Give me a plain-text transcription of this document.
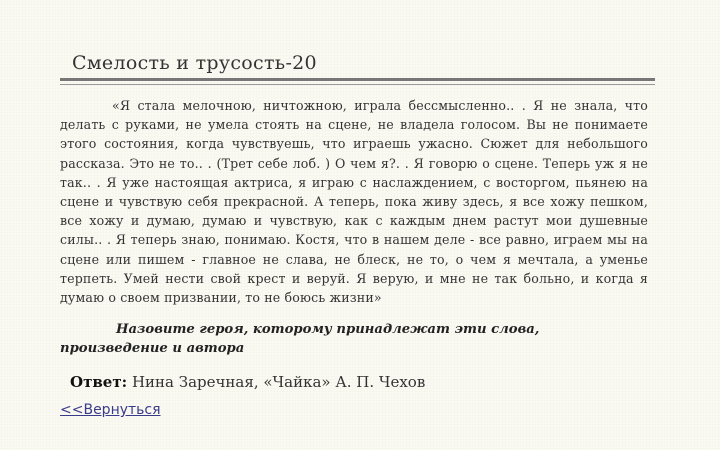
Смелость и трусость-20

«Я стала мелочною, ничтожною, играла бессмысленно.. . Я не знала, что делать с руками, не умела стоять на сцене, не владела голосом. Вы не понимаете этого состояния, когда чувствуешь, что играешь ужасно. Сюжет для небольшого рассказа. Это не то.. . (Трет себе лоб. ) О чем я?. . Я говорю о сцене. Теперь уж я не так.. . Я уже настоящая актриса, я играю с наслаждением, с восторгом, пьянею на сцене и чувствую себя прекрасной. А теперь, пока живу здесь, я все хожу пешком, все хожу и думаю, думаю и чувствую, как с каждым днем растут мои душевные силы.. . Я теперь знаю, понимаю. Костя, что в нашем деле - все равно, играем мы на сцене или пишем - главное не слава, не блеск, не то, о чем я мечтала, а уменье терпеть. Умей нести свой крест и веруй. Я верую, и мне не так больно, и когда я думаю о своем призвании, то не боюсь жизни»

Назовите героя, которому принадлежат эти слова, произведение и автора

Ответ: Нина Заречная, «Чайка» А. П. Чехов
<<Вернуться
